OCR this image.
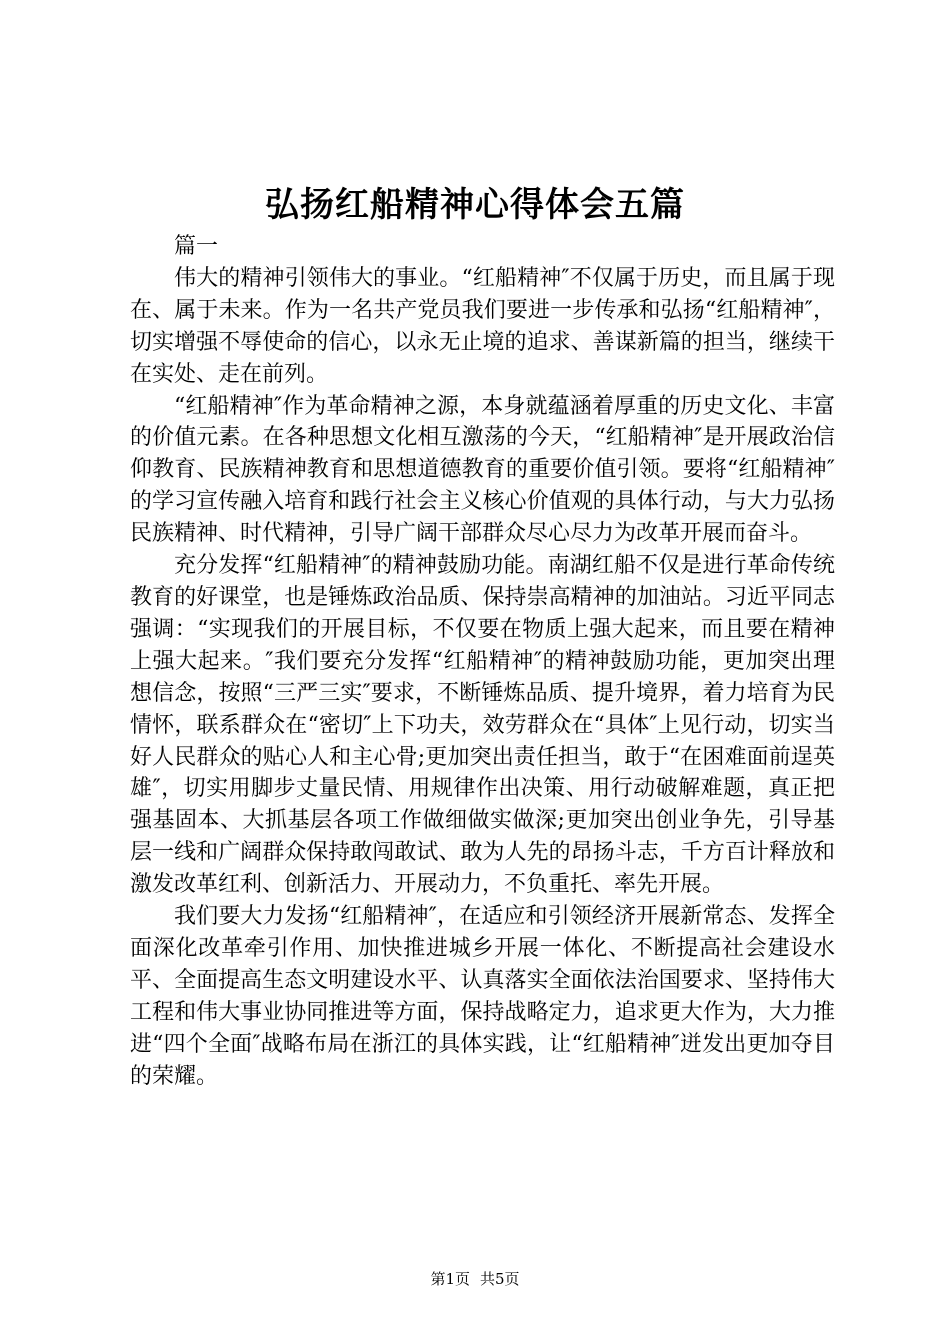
弘扬红船精神心得体会五篇
篇一

伟大的精神引领伟大的事业。“红船精神″不仅属于历史，而且属于现在、属于未来。作为一名共产党员我们要进一步传承和弘扬“红船精神″，切实增强不辱使命的信心，以永无止境的追求、善谋新篇的担当，继续干在实处、走在前列。

“红船精神″作为革命精神之源，本身就蕴涵着厚重的历史文化、丰富的价值元素。在各种思想文化相互激荡的今天，“红船精神″是开展政治信仰教育、民族精神教育和思想道德教育的重要价值引领。要将“红船精神″的学习宣传融入培育和践行社会主义核心价值观的具体行动，与大力弘扬民族精神、时代精神，引导广阔干部群众尽心尽力为改革开展而奋斗。

充分发挥“红船精神″的精神鼓励功能。南湖红船不仅是进行革命传统教育的好课堂，也是锤炼政治品质、保持崇高精神的加油站。习近平同志强调：“实现我们的开展目标，不仅要在物质上强大起来，而且要在精神上强大起来。″我们要充分发挥“红船精神″的精神鼓励功能，更加突出理想信念，按照“三严三实″要求，不断锤炼品质、提升境界，着力培育为民情怀，联系群众在“密切″上下功夫，效劳群众在“具体″上见行动，切实当好人民群众的贴心人和主心骨;更加突出责任担当，敢于“在困难面前逞英雄″，切实用脚步丈量民情、用规律作出决策、用行动破解难题，真正把强基固本、大抓基层各项工作做细做实做深;更加突出创业争先，引导基层一线和广阔群众保持敢闯敢试、敢为人先的昂扬斗志，千方百计释放和激发改革红利、创新活力、开展动力，不负重托、率先开展。

我们要大力发扬“红船精神″，在适应和引领经济开展新常态、发挥全面深化改革牵引作用、加快推进城乡开展一体化、不断提高社会建设水平、全面提高生态文明建设水平、认真落实全面依法治国要求、坚持伟大工程和伟大事业协同推进等方面，保持战略定力，追求更大作为，大力推进“四个全面″战略布局在浙江的具体实践，让“红船精神″迸发出更加夺目的荣耀。

第1页 共5页
